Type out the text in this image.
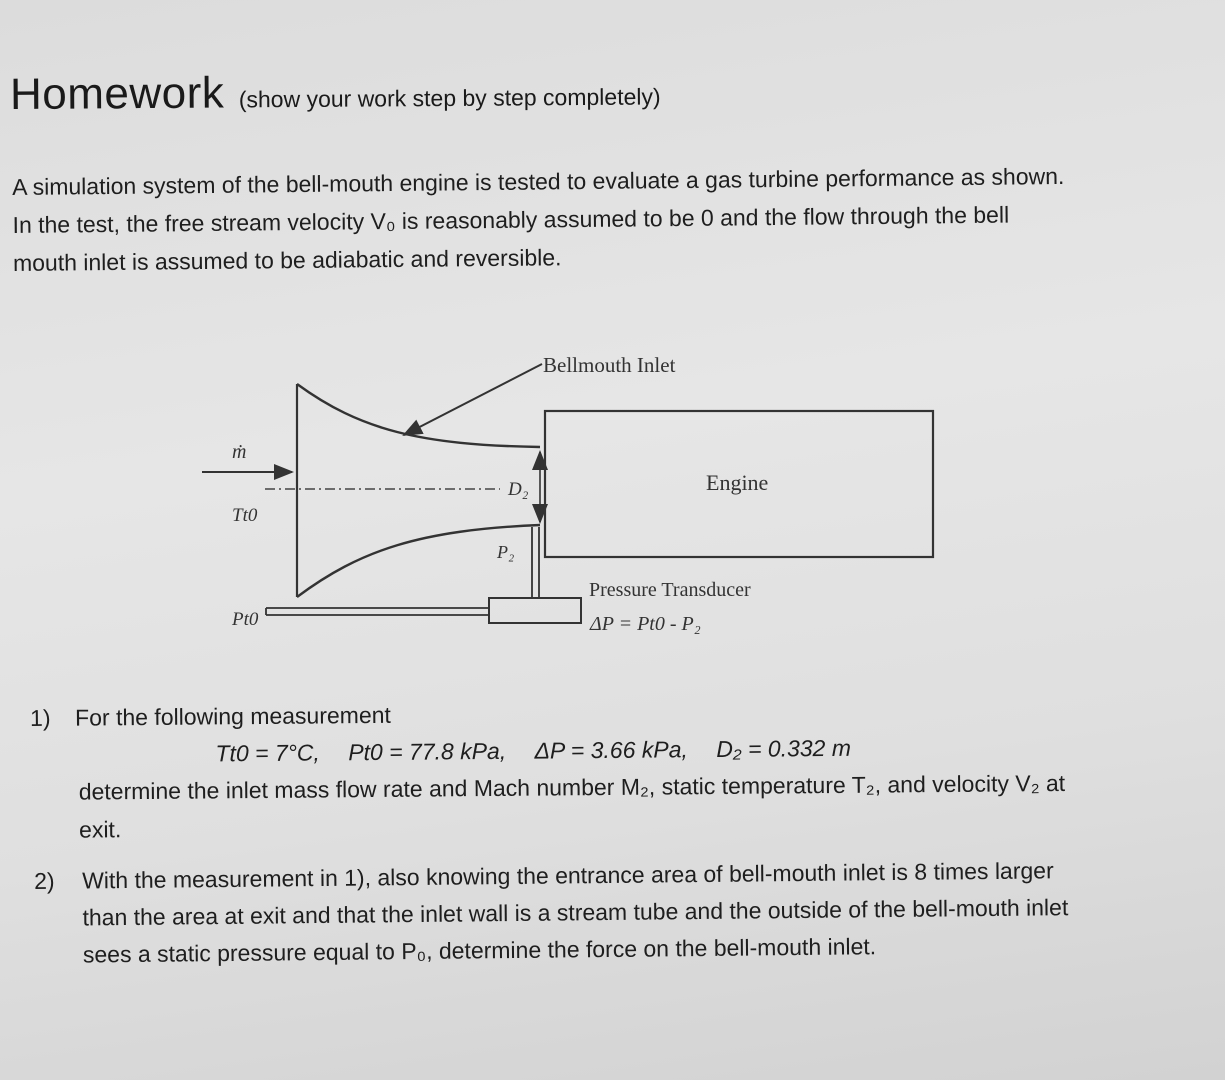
Homework (show your work step by step completely)

A simulation system of the bell-mouth engine is tested to evaluate a gas turbine performance as shown.

In the test, the free stream velocity V₀ is reasonably assumed to be 0 and the flow through the bell

mouth inlet is assumed to be adiabatic and reversible.

ṁ
Tt0
Pt0
D₂	Engine
Bellmouth Inlet
P₂
Pressure Transducer
ΔP = Pt0 - P₂
1) For the following measurement
Tt0 = 7°C, Pt0 = 77.8 kPa, ΔP = 3.66 kPa, D₂ = 0.332 m
determine the inlet mass flow rate and Mach number M₂, static temperature T₂, and velocity V₂ at
exit.
2) With the measurement in 1), also knowing the entrance area of bell-mouth inlet is 8 times larger
than the area at exit and that the inlet wall is a stream tube and the outside of the bell-mouth inlet
sees a static pressure equal to P₀, determine the force on the bell-mouth inlet.
